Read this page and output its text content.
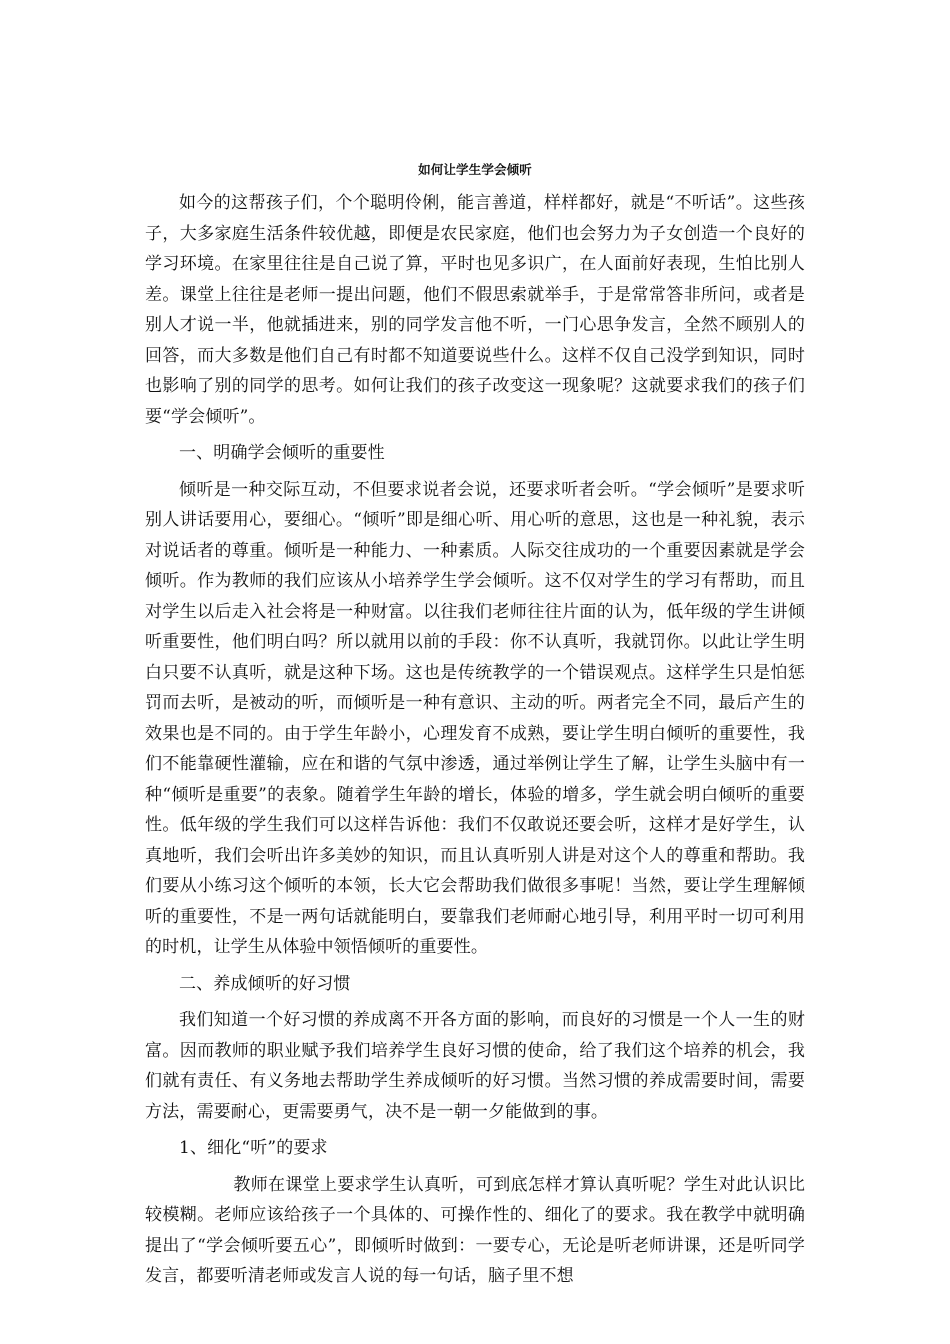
如何让学生学会倾听

如今的这帮孩子们，个个聪明伶俐，能言善道，样样都好，就是“不听话”。这些孩子，大多家庭生活条件较优越，即便是农民家庭，他们也会努力为子女创造一个良好的学习环境。在家里往往是自己说了算，平时也见多识广，在人面前好表现，生怕比别人差。课堂上往往是老师一提出问题，他们不假思索就举手，于是常常答非所问，或者是别人才说一半，他就插进来，别的同学发言他不听，一门心思争发言，全然不顾别人的回答，而大多数是他们自己有时都不知道要说些什么。这样不仅自己没学到知识，同时也影响了别的同学的思考。如何让我们的孩子改变这一现象呢？这就要求我们的孩子们要“学会倾听”。

一、明确学会倾听的重要性

倾听是一种交际互动，不但要求说者会说，还要求听者会听。“学会倾听”是要求听别人讲话要用心，要细心。“倾听”即是细心听、用心听的意思，这也是一种礼貌，表示对说话者的尊重。倾听是一种能力、一种素质。人际交往成功的一个重要因素就是学会倾听。作为教师的我们应该从小培养学生学会倾听。这不仅对学生的学习有帮助，而且对学生以后走入社会将是一种财富。以往我们老师往往片面的认为，低年级的学生讲倾听重要性，他们明白吗？所以就用以前的手段：你不认真听，我就罚你。以此让学生明白只要不认真听，就是这种下场。这也是传统教学的一个错误观点。这样学生只是怕惩罚而去听，是被动的听，而倾听是一种有意识、主动的听。两者完全不同，最后产生的效果也是不同的。由于学生年龄小，心理发育不成熟，要让学生明白倾听的重要性，我们不能靠硬性灌输，应在和谐的气氛中渗透，通过举例让学生了解，让学生头脑中有一种“倾听是重要”的表象。随着学生年龄的增长，体验的增多，学生就会明白倾听的重要性。低年级的学生我们可以这样告诉他：我们不仅敢说还要会听，这样才是好学生，认真地听，我们会听出许多美妙的知识，而且认真听别人讲是对这个人的尊重和帮助。我们要从小练习这个倾听的本领，长大它会帮助我们做很多事呢！当然，要让学生理解倾听的重要性，不是一两句话就能明白，要靠我们老师耐心地引导，利用平时一切可利用的时机，让学生从体验中领悟倾听的重要性。

二、养成倾听的好习惯

我们知道一个好习惯的养成离不开各方面的影响，而良好的习惯是一个人一生的财富。因而教师的职业赋予我们培养学生良好习惯的使命，给了我们这个培养的机会，我们就有责任、有义务地去帮助学生养成倾听的好习惯。当然习惯的养成需要时间，需要方法，需要耐心，更需要勇气，决不是一朝一夕能做到的事。

1、细化“听”的要求

教师在课堂上要求学生认真听，可到底怎样才算认真听呢？学生对此认识比较模糊。老师应该给孩子一个具体的、可操作性的、细化了的要求。我在教学中就明确提出了“学会倾听要五心”，即倾听时做到：一要专心，无论是听老师讲课，还是听同学发言，都要听清老师或发言人说的每一句话，脑子里不想
